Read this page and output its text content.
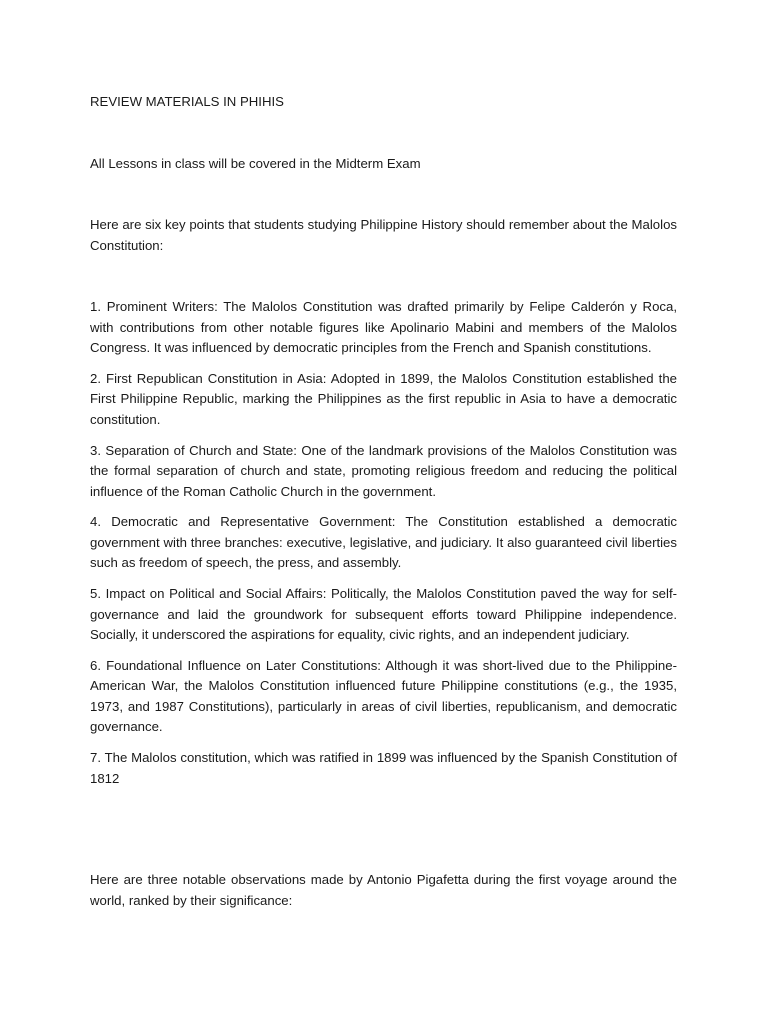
REVIEW MATERIALS IN PHIHIS

All Lessons in class will be covered in the Midterm Exam

Here are six key points that students studying Philippine History should remember about the Malolos Constitution:

1. Prominent Writers: The Malolos Constitution was drafted primarily by Felipe Calderón y Roca, with contributions from other notable figures like Apolinario Mabini and members of the Malolos Congress. It was influenced by democratic principles from the French and Spanish constitutions.

2. First Republican Constitution in Asia: Adopted in 1899, the Malolos Constitution established the First Philippine Republic, marking the Philippines as the first republic in Asia to have a democratic constitution.

3. Separation of Church and State: One of the landmark provisions of the Malolos Constitution was the formal separation of church and state, promoting religious freedom and reducing the political influence of the Roman Catholic Church in the government.

4. Democratic and Representative Government: The Constitution established a democratic government with three branches: executive, legislative, and judiciary. It also guaranteed civil liberties such as freedom of speech, the press, and assembly.

5. Impact on Political and Social Affairs: Politically, the Malolos Constitution paved the way for self-governance and laid the groundwork for subsequent efforts toward Philippine independence. Socially, it underscored the aspirations for equality, civic rights, and an independent judiciary.

6. Foundational Influence on Later Constitutions: Although it was short-lived due to the Philippine-American War, the Malolos Constitution influenced future Philippine constitutions (e.g., the 1935, 1973, and 1987 Constitutions), particularly in areas of civil liberties, republicanism, and democratic governance.

7. The Malolos constitution, which was ratified in 1899 was influenced by the Spanish Constitution of 1812

Here are three notable observations made by Antonio Pigafetta during the first voyage around the world, ranked by their significance:
